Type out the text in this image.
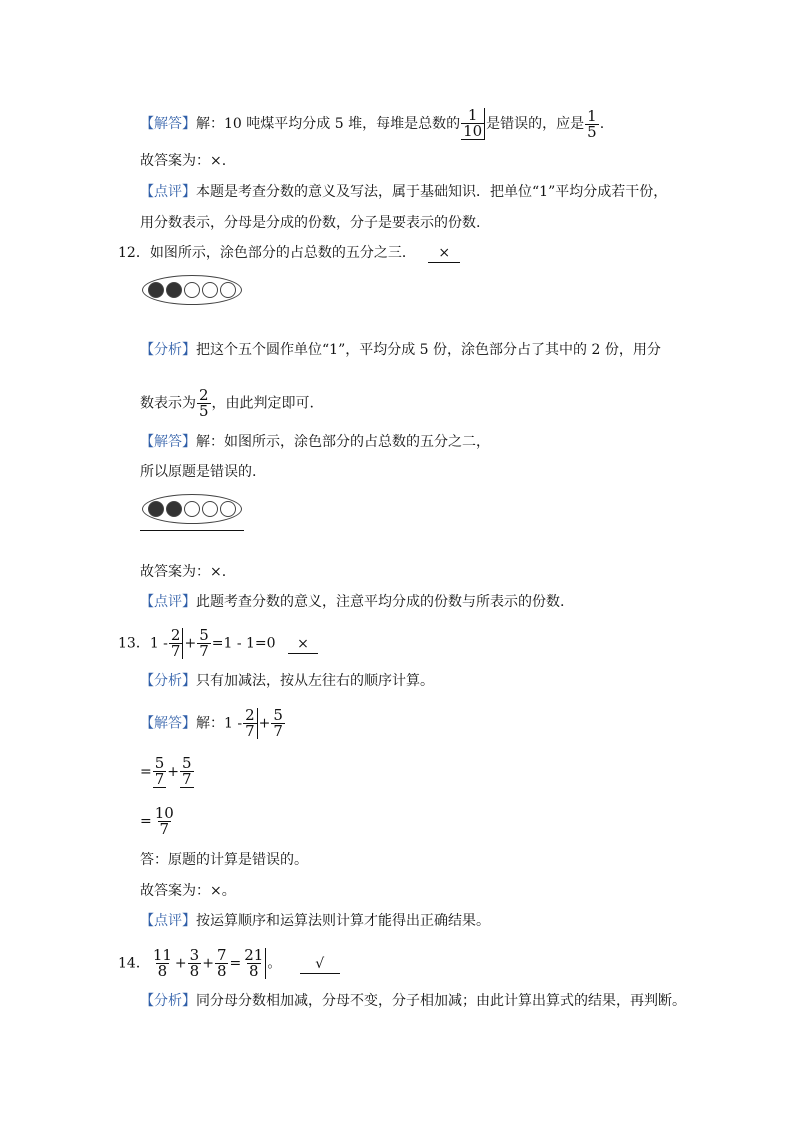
【解答】解：10 吨煤平均分成 5 堆，每堆是总数的 $\frac{1}{10}$ 是错误的，应是 $\frac{1}{5}$ .
故答案为：×.
【点评】本题是考查分数的意义及写法，属于基础知识．把单位“1”平均分成若干份，
用分数表示，分母是分成的份数，分子是要表示的份数.
12．如图所示，涂色部分的占总数的五分之三． ×
【分析】把这个五个圆作单位“1”，平均分成 5 份，涂色部分占了其中的 2 份，用分
数表示为 $\frac{2}{5}$ ，由此判定即可.
【解答】解：如图所示，涂色部分的占总数的五分之二，
所以原题是错误的.
故答案为：×.
【点评】此题考查分数的意义，注意平均分成的份数与所表示的份数.
13．$1 - \frac{2}{7} + \frac{5}{7} =1 - 1=0$ ×
【分析】只有加减法，按从左往右的顺序计算。
【解答】解：$1 - \frac{2}{7} + \frac{5}{7}$
= $\frac{5}{7} + \frac{5}{7}$
= $\frac{10}{7}$
答：原题的计算是错误的。
故答案为：×。
【点评】按运算顺序和运算法则计算才能得出正确结果。
14． $\frac{11}{8} + \frac{3}{8} + \frac{7}{8} = \frac{21}{8}$ 。 √
【分析】同分母分数相加减，分母不变，分子相加减；由此计算出算式的结果，再判断。
